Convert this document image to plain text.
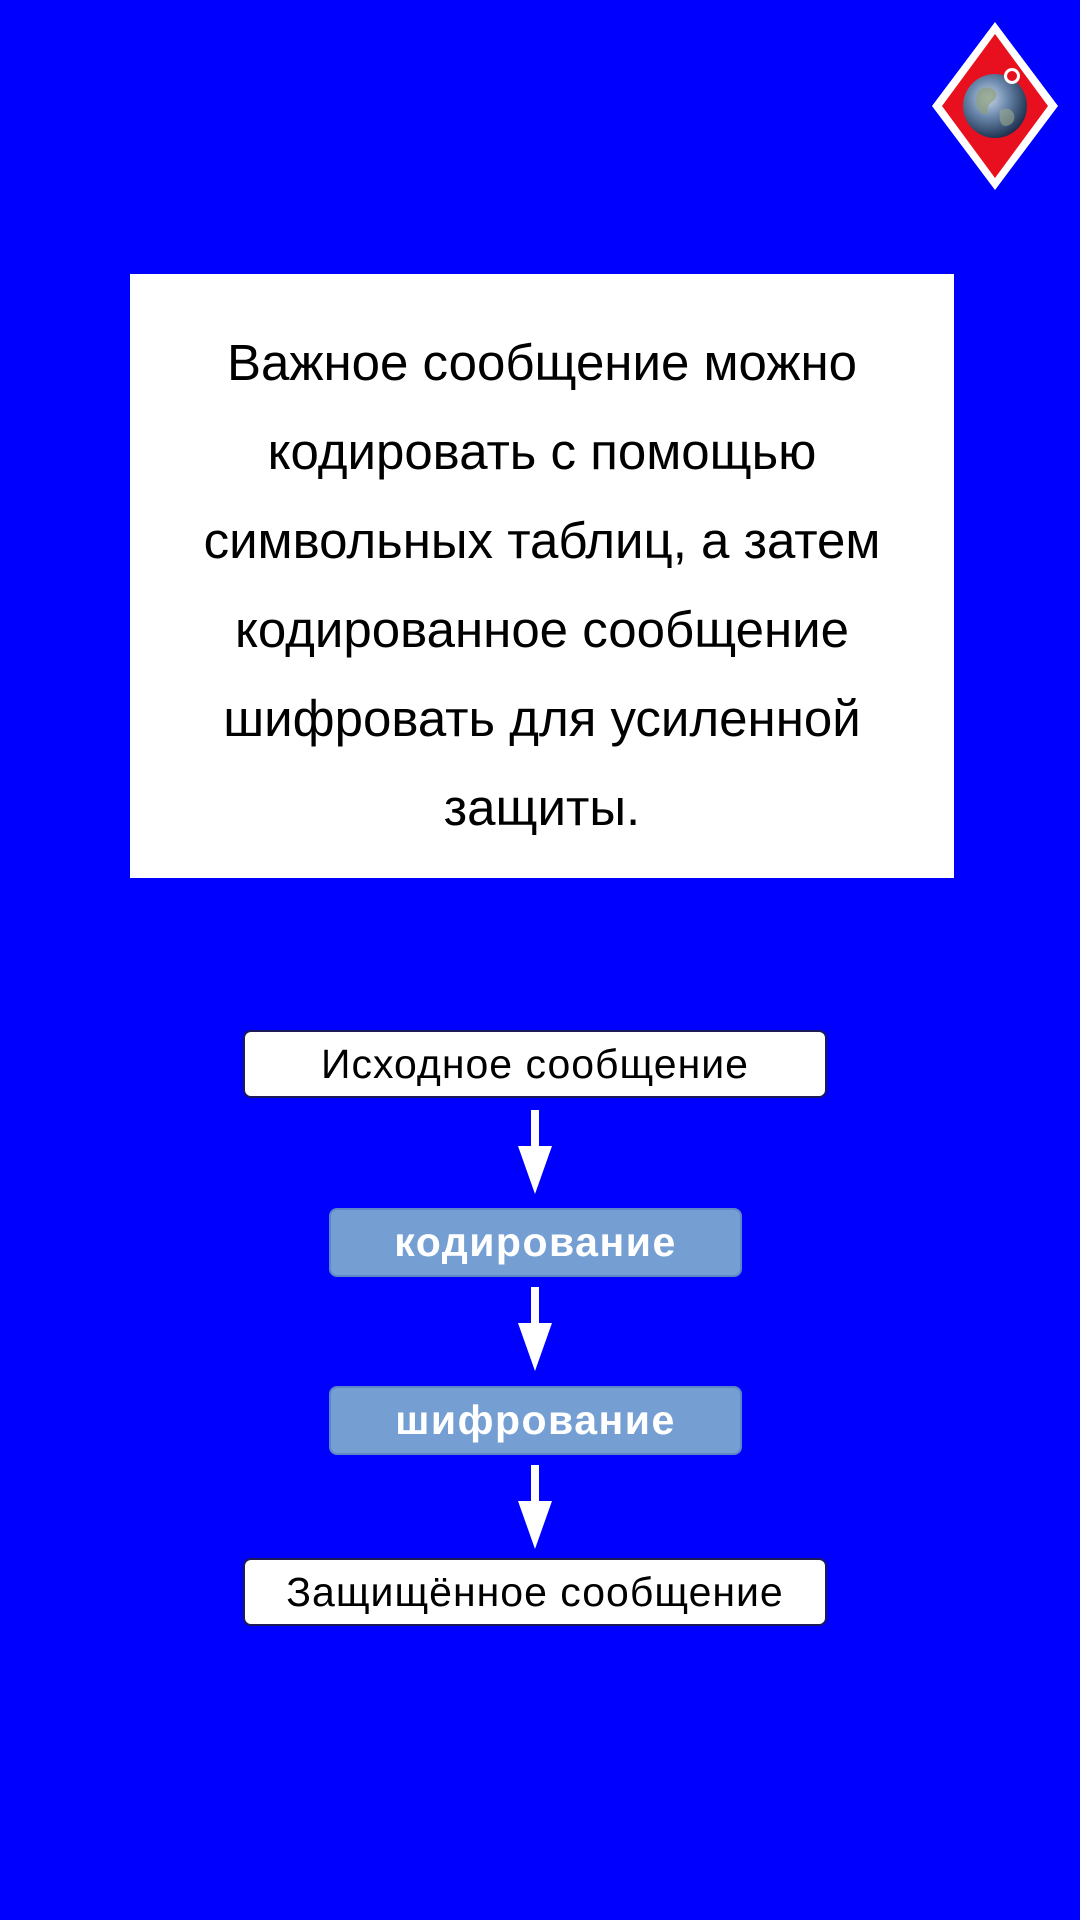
Важное сообщение можно кодировать с помощью символьных таблиц, а затем кодированное сообщение шифровать для усиленной защиты.

Исходное сообщение
кодирование
шифрование
Защищённое сообщение
